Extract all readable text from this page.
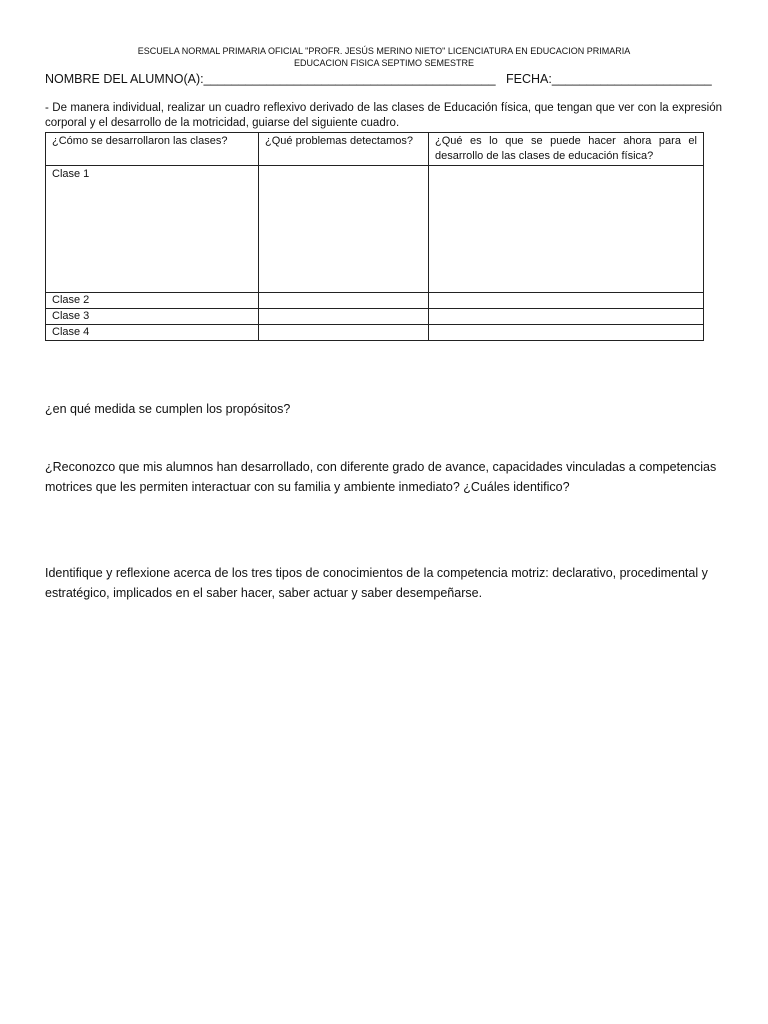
ESCUELA NORMAL PRIMARIA OFICIAL "PROFR. JESÚS MERINO NIETO" LICENCIATURA EN EDUCACION PRIMARIA
EDUCACION FISICA SEPTIMO SEMESTRE
NOMBRE DEL ALUMNO(A):__________________________________________ FECHA:_______________________
- De manera individual, realizar un cuadro reflexivo derivado de las clases de Educación física, que tengan que ver con la expresión corporal y el desarrollo de la motricidad, guiarse del siguiente cuadro.
¿Cómo se desarrollaron las clases?	¿Qué problemas detectamos?	¿Qué es lo que se puede hacer ahora para el desarrollo de las clases de educación física?
Clase 1		
Clase 2		
Clase 3		
Clase 4		
¿en qué medida se cumplen los propósitos?
¿Reconozco que mis alumnos han desarrollado, con diferente grado de avance, capacidades vinculadas a competencias motrices que les permiten interactuar con su familia y ambiente inmediato? ¿Cuáles identifico?
Identifique y reflexione acerca de los tres tipos de conocimientos de la competencia motriz: declarativo, procedimental y estratégico, implicados en el saber hacer, saber actuar y saber desempeñarse.
